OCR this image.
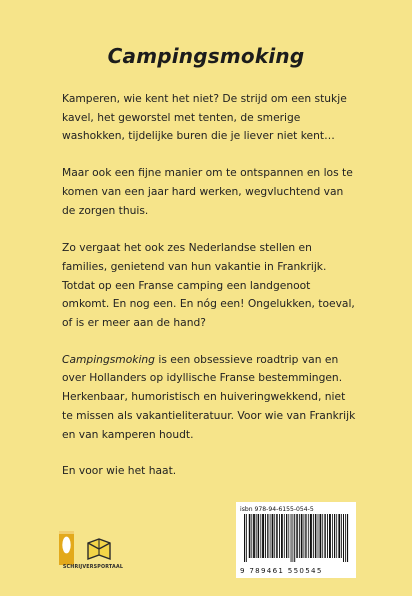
Campingsmoking

Kamperen, wie kent het niet? De strijd om een stukje kavel, het geworstel met tenten, de smerige washokken, tijdelijke buren die je liever niet kent…

Maar ook een fijne manier om te ontspannen en los te komen van een jaar hard werken, wegvluchtend van de zorgen thuis.

Zo vergaat het ook zes Nederlandse stellen en families, genietend van hun vakantie in Frankrijk. Totdat op een Franse camping een landgenoot omkomt. En nog een. En nóg een! Ongelukken, toeval, of is er meer aan de hand?

Campingsmoking is een obsessieve roadtrip van en over Hollanders op idyllische Franse bestemmingen. Herkenbaar, humoristisch en huiveringwekkend, niet te missen als vakantieliteratuur. Voor wie van Frankrijk en van kamperen houdt.

En voor wie het haat.

SCHRIJVERSPORTAAL
isbn 978-94-6155-054-5
9 789461 550545
